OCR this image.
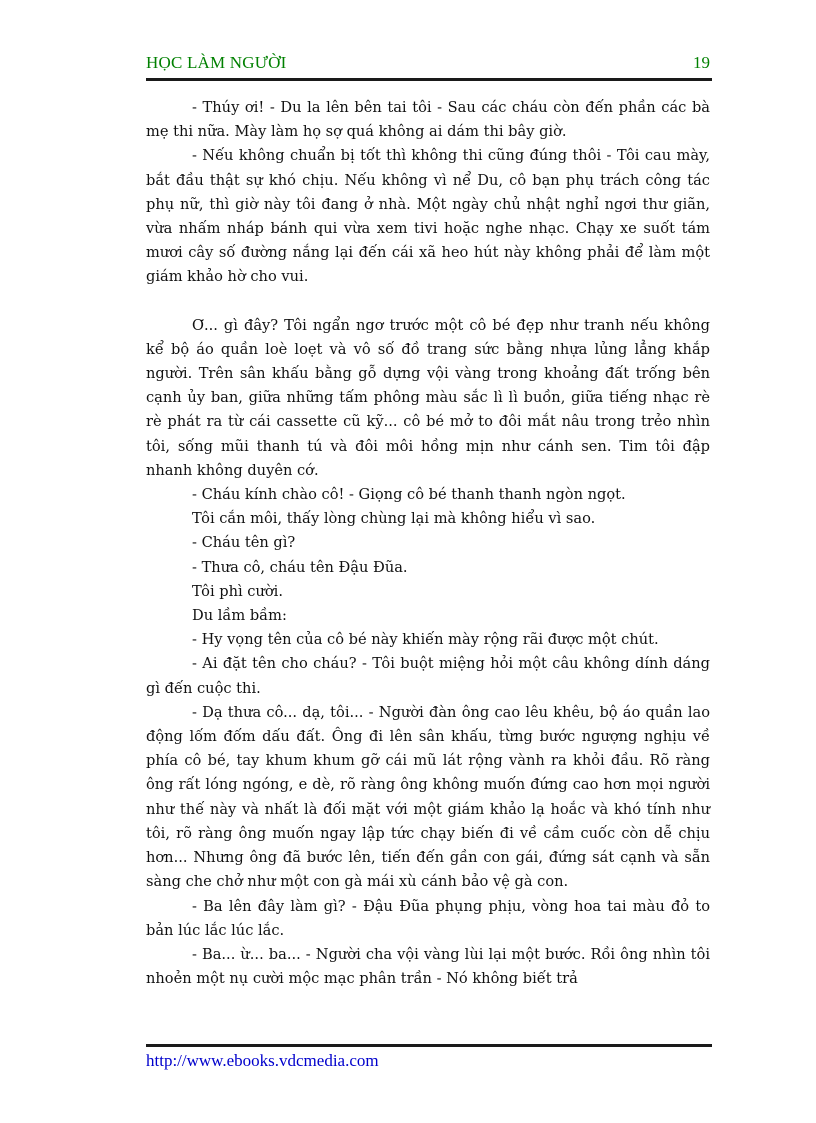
HỌC LÀM NGƯỜI	19

- Thúy ơi! - Du la lên bên tai tôi - Sau các cháu còn đến phần các bà mẹ thi nữa. Mày làm họ sợ quá không ai dám thi bây giờ.

- Nếu không chuẩn bị tốt thì không thi cũng đúng thôi - Tôi cau mày, bắt đầu thật sự khó chịu. Nếu không vì nể Du, cô bạn phụ trách công tác phụ nữ, thì giờ này tôi đang ở nhà. Một ngày chủ nhật nghỉ ngơi thư giãn, vừa nhấm nháp bánh qui vừa xem tivi hoặc nghe nhạc. Chạy xe suốt tám mươi cây số đường nắng lại đến cái xã heo hút này không phải để làm một giám khảo hờ cho vui.

Ơ... gì đây? Tôi ngẩn ngơ trước một cô bé đẹp như tranh nếu không kể bộ áo quần loè loẹt và vô số đồ trang sức bằng nhựa lủng lẳng khắp người. Trên sân khấu bằng gỗ dựng vội vàng trong khoảng đất trống bên cạnh ủy ban, giữa những tấm phông màu sắc lì lì buồn, giữa tiếng nhạc rè rè phát ra từ cái cassette cũ kỹ... cô bé mở to đôi mắt nâu trong trẻo nhìn tôi, sống mũi thanh tú và đôi môi hồng mịn như cánh sen. Tim tôi đập nhanh không duyên cớ.

- Cháu kính chào cô! - Giọng cô bé thanh thanh ngòn ngọt.

Tôi cắn môi, thấy lòng chùng lại mà không hiểu vì sao.

- Cháu tên gì?

- Thưa cô, cháu tên Đậu Đũa.

Tôi phì cười.

Du lầm bầm:

- Hy vọng tên của cô bé này khiến mày rộng rãi được một chút.

- Ai đặt tên cho cháu? - Tôi buột miệng hỏi một câu không dính dáng gì đến cuộc thi.

- Dạ thưa cô... dạ, tôi... - Người đàn ông cao lêu khêu, bộ áo quần lao động lốm đốm dấu đất. Ông đi lên sân khấu, từng bước ngượng nghịu về phía cô bé, tay khum khum gỡ cái mũ lát rộng vành ra khỏi đầu. Rõ ràng ông rất lóng ngóng, e dè, rõ ràng ông không muốn đứng cao hơn mọi người như thế này và nhất là đối mặt với một giám khảo lạ hoắc và khó tính như tôi, rõ ràng ông muốn ngay lập tức chạy biến đi về cầm cuốc còn dễ chịu hơn... Nhưng ông đã bước lên, tiến đến gần con gái, đứng sát cạnh và sẵn sàng che chở như một con gà mái xù cánh bảo vệ gà con.

- Ba lên đây làm gì? - Đậu Đũa phụng phịu, vòng hoa tai màu đỏ to bản lúc lắc lúc lắc.

- Ba... ừ... ba... - Người cha vội vàng lùi lại một bước. Rồi ông nhìn tôi nhoẻn một nụ cười mộc mạc phân trần - Nó không biết trả

http://www.ebooks.vdcmedia.com
